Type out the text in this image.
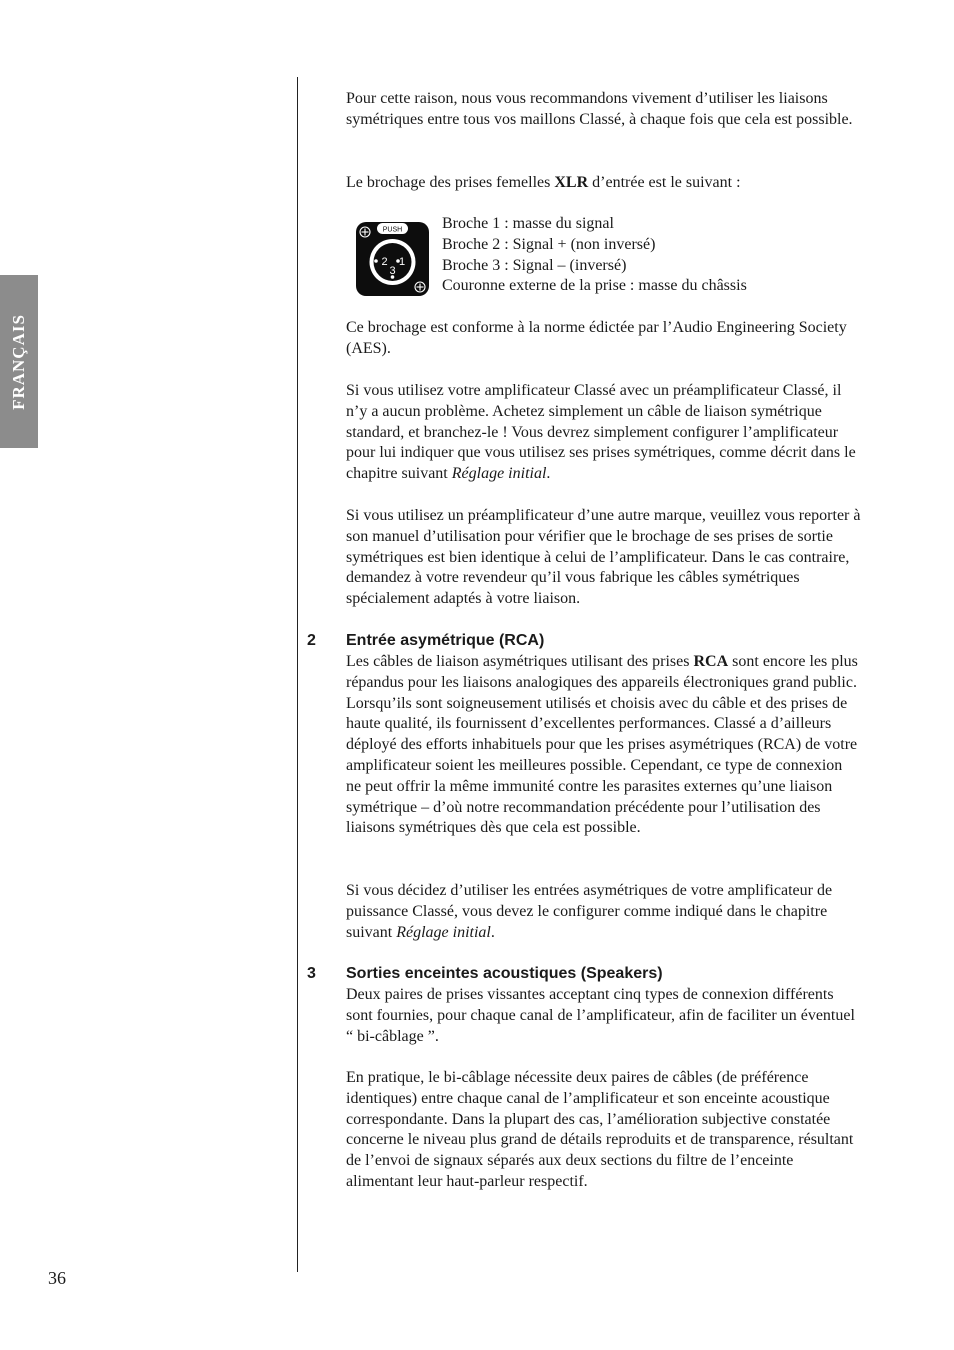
FRANÇAIS

Pour cette raison, nous vous recommandons vivement d’utiliser les liaisons symétriques entre tous vos maillons Classé, à chaque fois que cela est possible.

Le brochage des prises femelles XLR d’entrée est le suivant :

PUSH
2 1
3
Broche 1 : masse du signal
Broche 2 : Signal + (non inversé)
Broche 3 : Signal – (inversé)
Couronne externe de la prise : masse du châssis

Ce brochage est conforme à la norme édictée par l’Audio Engineering Society (AES).

Si vous utilisez votre amplificateur Classé avec un préamplificateur Classé, il n’y a aucun problème. Achetez simplement un câble de liaison symétrique standard, et branchez-le ! Vous devrez simplement configurer l’amplificateur pour lui indiquer que vous utilisez ses prises symétriques, comme décrit dans le chapitre suivant Réglage initial.

Si vous utilisez un préamplificateur d’une autre marque, veuillez vous reporter à son manuel d’utilisation pour vérifier que le brochage de ses prises de sortie symétriques est bien identique à celui de l’amplificateur. Dans le cas contraire, demandez à votre revendeur qu’il vous fabrique les câbles symétriques spécialement adaptés à votre liaison.

2 Entrée asymétrique (RCA)

Les câbles de liaison asymétriques utilisant des prises RCA sont encore les plus répandus pour les liaisons analogiques des appareils électroniques grand public. Lorsqu’ils sont soigneusement utilisés et choisis avec du câble et des prises de haute qualité, ils fournissent d’excellentes performances. Classé a d’ailleurs déployé des efforts inhabituels pour que les prises asymétriques (RCA) de votre amplificateur soient les meilleures possible. Cependant, ce type de connexion ne peut offrir la même immunité contre les parasites externes qu’une liaison symétrique – d’où notre recommandation précédente pour l’utilisation des liaisons symétriques dès que cela est possible.

Si vous décidez d’utiliser les entrées asymétriques de votre amplificateur de puissance Classé, vous devez le configurer comme indiqué dans le chapitre suivant Réglage initial.

3 Sorties enceintes acoustiques (Speakers)

Deux paires de prises vissantes acceptant cinq types de connexion différents sont fournies, pour chaque canal de l’amplificateur, afin de faciliter un éventuel “ bi-câblage ”.

En pratique, le bi-câblage nécessite deux paires de câbles (de préférence identiques) entre chaque canal de l’amplificateur et son enceinte acoustique correspondante. Dans la plupart des cas, l’amélioration subjective constatée concerne le niveau plus grand de détails reproduits et de transparence, résultant de l’envoi de signaux séparés aux deux sections du filtre de l’enceinte alimentant leur haut-parleur respectif.

36
